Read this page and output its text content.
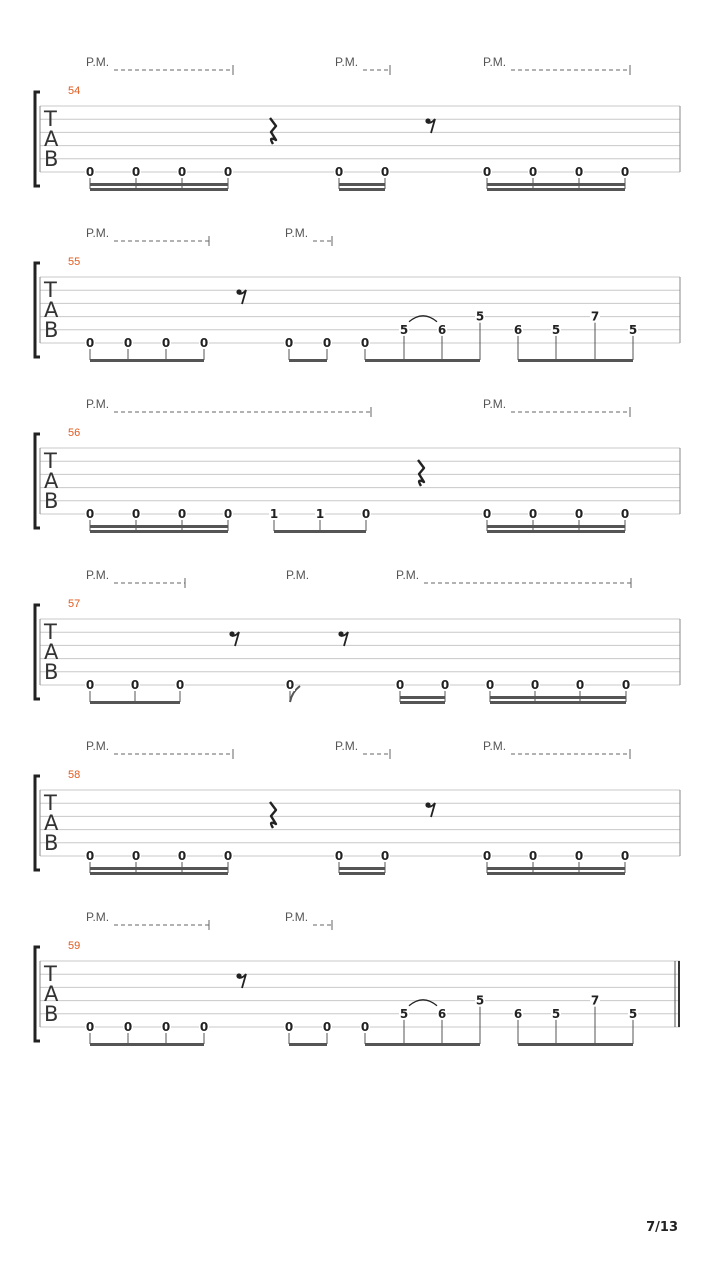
T
A
B
54
P.M.	P.M.	P.M.
0	0	0	0	0	0	0	0	0	0
T
A
B
55
P.M.	P.M.
0 0 0 0	0 0 0
5 6
5
6 5
7
5
T
A
B
56
P.M.	P.M.
0	0	0	0	1	1	0	0	0	0	0
T
A
B
57
P.M.	P.M.	P.M.
0	0	0	0	0	0	0	0	0	0
T
A
B
58
P.M.	P.M.	P.M.
0	0	0	0	0	0	0	0	0	0
T
A
B
59
P.M.	P.M.
0 0 0 0	0 0 0
5 6
5
6 5
7
5
7/13
